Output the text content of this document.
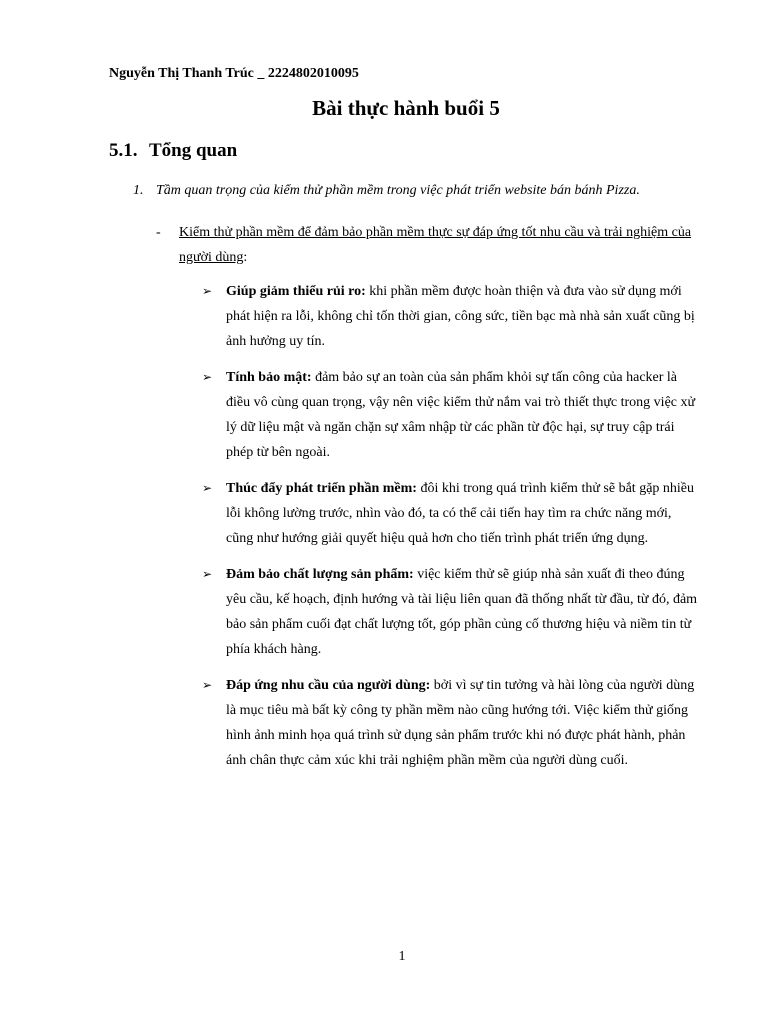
Nguyễn Thị Thanh Trúc _ 2224802010095
Bài thực hành buổi 5
5.1. Tổng quan
1. Tầm quan trọng của kiểm thử phần mềm trong việc phát triển website bán bánh Pizza.
- Kiểm thử phần mềm để đảm bảo phần mềm thực sự đáp ứng tốt nhu cầu và trải nghiệm của người dùng:
➢ Giúp giảm thiểu rủi ro: khi phần mềm được hoàn thiện và đưa vào sử dụng mới phát hiện ra lỗi, không chỉ tốn thời gian, công sức, tiền bạc mà nhà sản xuất cũng bị ảnh hưởng uy tín.
➢ Tính bảo mật: đảm bảo sự an toàn của sản phẩm khỏi sự tấn công của hacker là điều vô cùng quan trọng, vậy nên việc kiểm thử nắm vai trò thiết thực trong việc xử lý dữ liệu mật và ngăn chặn sự xâm nhập từ các phần từ độc hại, sự truy cập trái phép từ bên ngoài.
➢ Thúc đẩy phát triển phần mềm: đôi khi trong quá trình kiểm thử sẽ bắt gặp nhiều lỗi không lường trước, nhìn vào đó, ta có thể cải tiến hay tìm ra chức năng mới, cũng như hướng giải quyết hiệu quả hơn cho tiến trình phát triển ứng dụng.
➢ Đảm bảo chất lượng sản phẩm: việc kiểm thử sẽ giúp nhà sản xuất đi theo đúng yêu cầu, kế hoạch, định hướng và tài liệu liên quan đã thống nhất từ đầu, từ đó, đảm bảo sản phẩm cuối đạt chất lượng tốt, góp phần củng cố thương hiệu và niềm tin từ phía khách hàng.
➢ Đáp ứng nhu cầu của người dùng: bởi vì sự tin tưởng và hài lòng của người dùng là mục tiêu mà bất kỳ công ty phần mềm nào cũng hướng tới. Việc kiểm thử giống hình ảnh minh họa quá trình sử dụng sản phẩm trước khi nó được phát hành, phản ánh chân thực cảm xúc khi trải nghiệm phần mềm của người dùng cuối.
1
